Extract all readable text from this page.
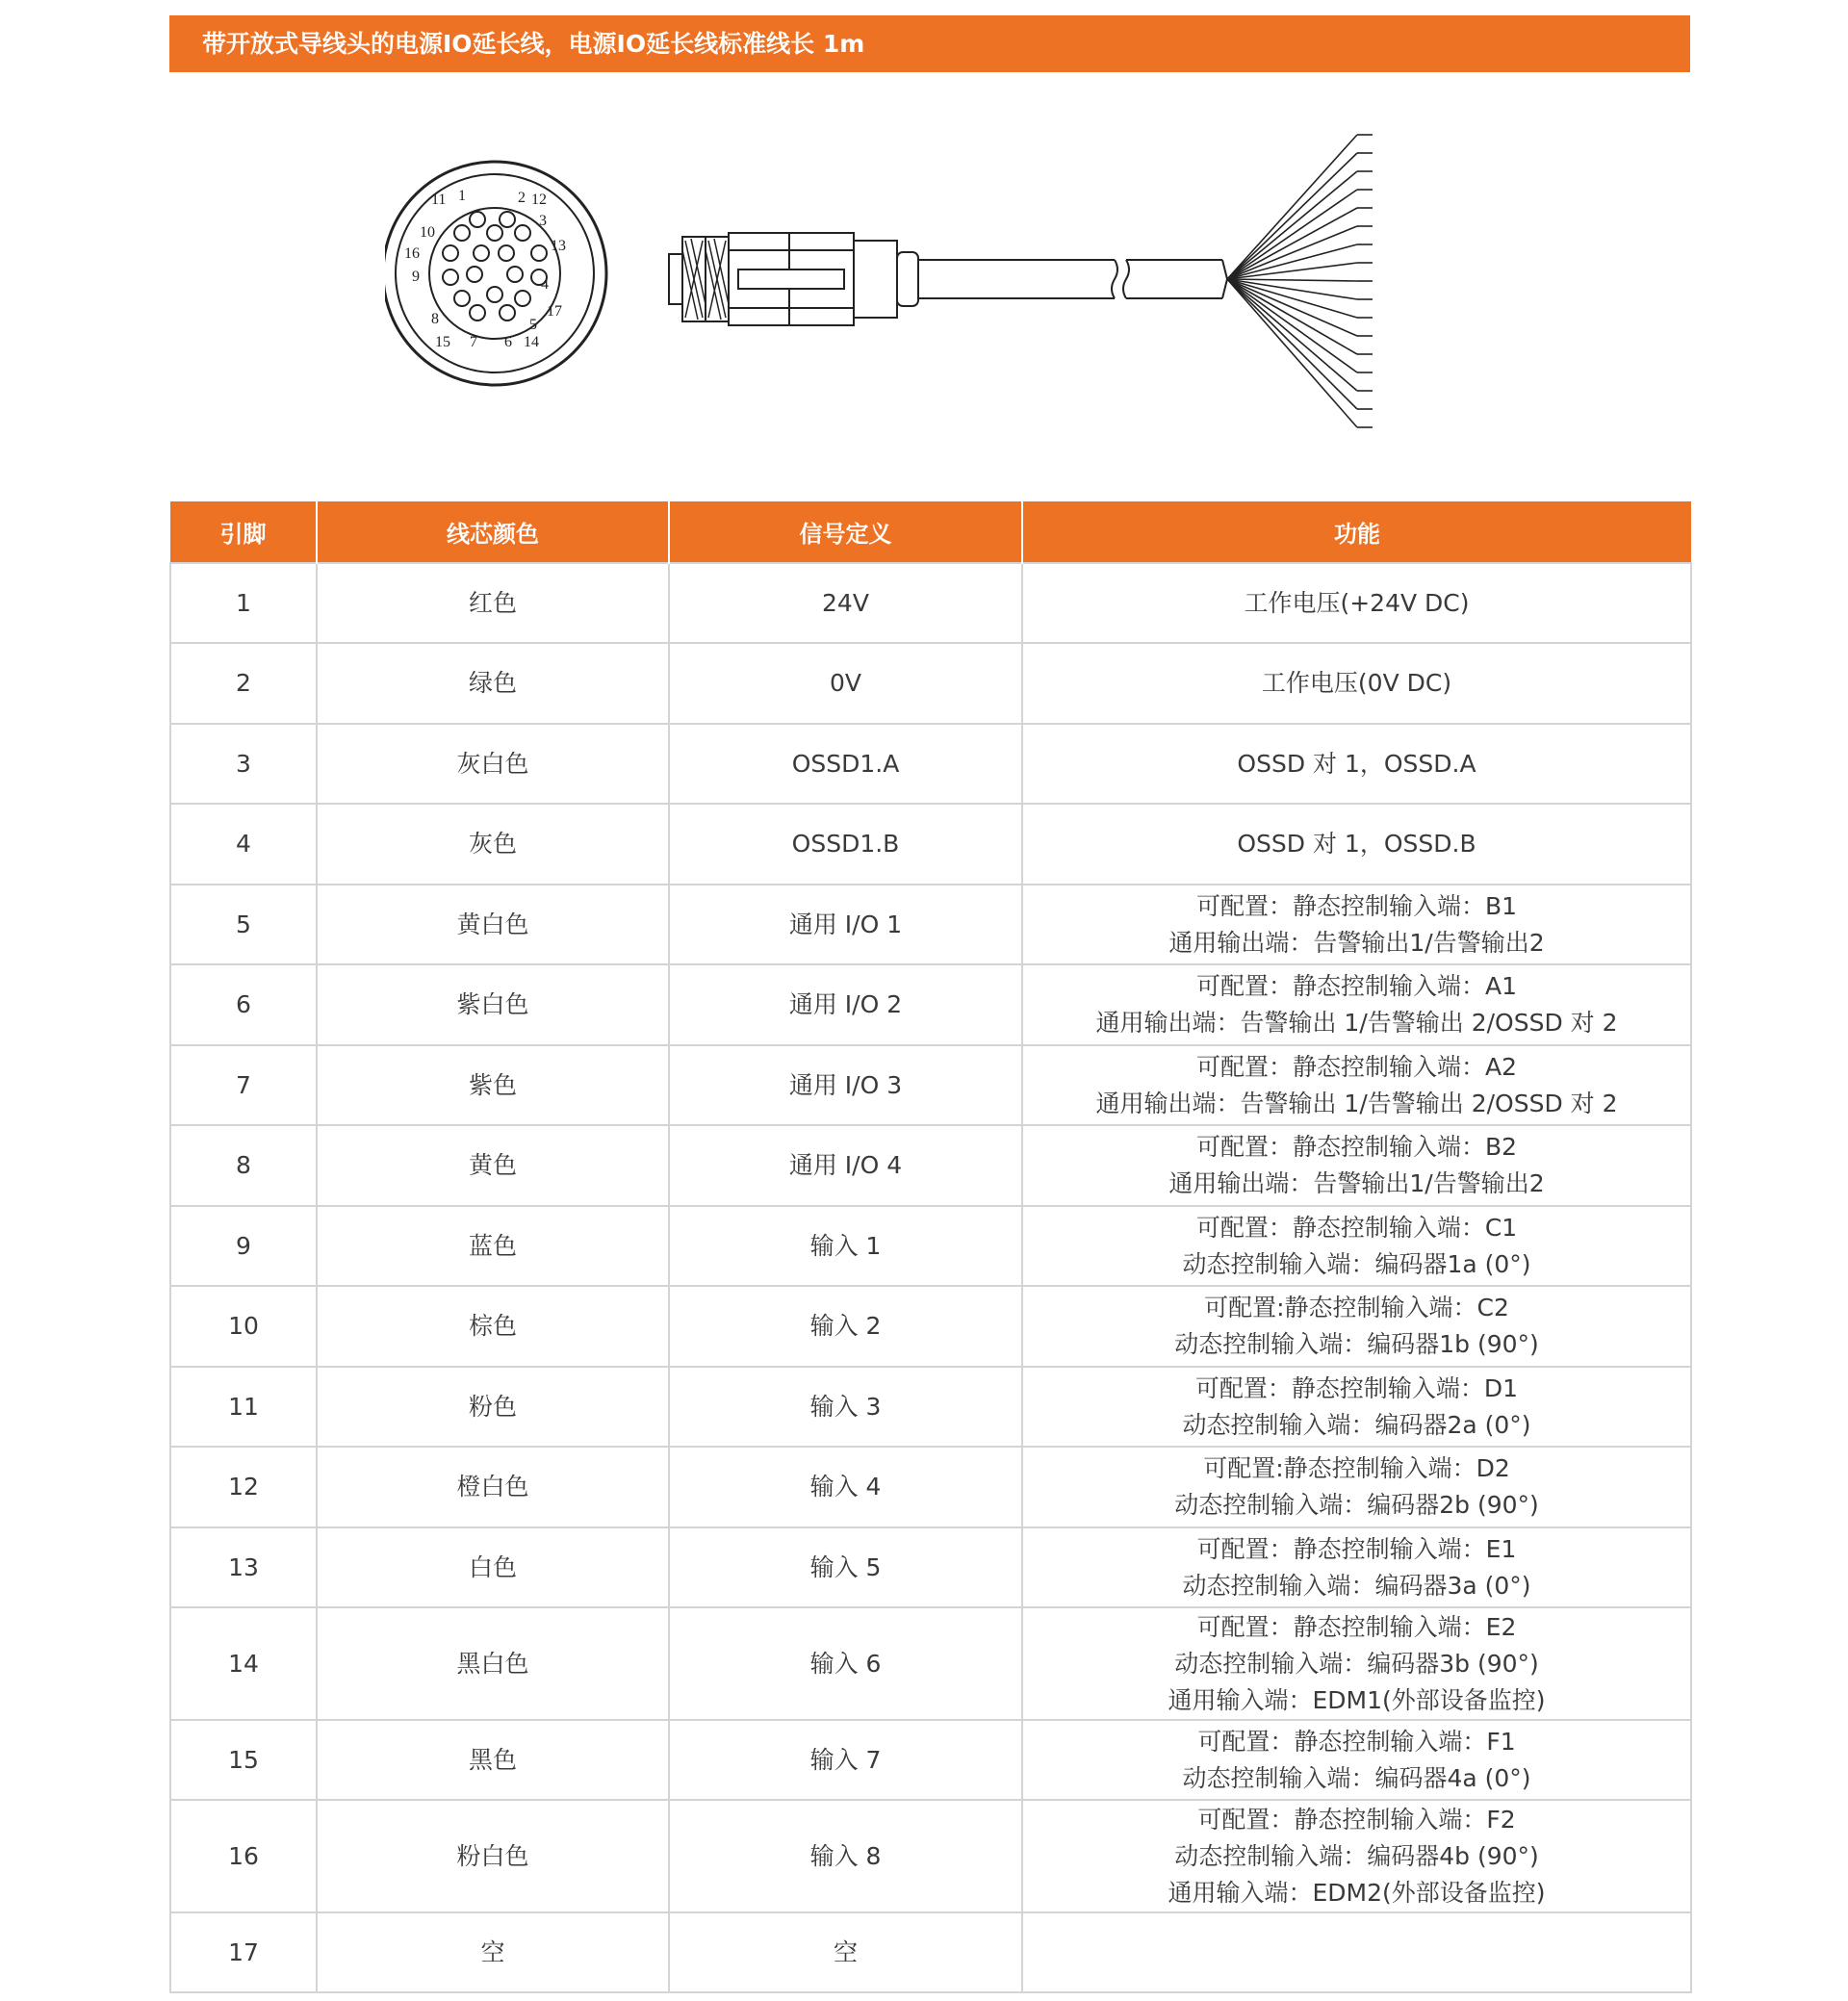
带开放式导线头的电源IO延长线，电源IO延长线标准线长 1m
1	2
3
4
5
6
7
8
9
10
11	12
13
14
15
16
17
引脚	线芯颜色	信号定义	功能
1	红色	24V	工作电压(+24V DC)

2	绿色	0V	工作电压(0V DC)

3	灰白色	OSSD1.A	OSSD 对 1，OSSD.A

4	灰色	OSSD1.B	OSSD 对 1，OSSD.B

5	黄白色	通用 I/O 1	可配置：静态控制输入端：B1
通用输出端：告警输出1/告警输出2

6	紫白色	通用 I/O 2	可配置：静态控制输入端：A1
通用输出端：告警输出 1/告警输出 2/OSSD 对 2

7	紫色	通用 I/O 3	可配置：静态控制输入端：A2
通用输出端：告警输出 1/告警输出 2/OSSD 对 2

8	黄色	通用 I/O 4	可配置：静态控制输入端：B2
通用输出端：告警输出1/告警输出2

9	蓝色	输入 1	可配置：静态控制输入端：C1
动态控制输入端：编码器1a (0°)

10	棕色	输入 2	可配置:静态控制输入端：C2
动态控制输入端：编码器1b (90°)

11	粉色	输入 3	可配置：静态控制输入端：D1
动态控制输入端：编码器2a (0°)

12	橙白色	输入 4	可配置:静态控制输入端：D2
动态控制输入端：编码器2b (90°)

13	白色	输入 5	可配置：静态控制输入端：E1
动态控制输入端：编码器3a (0°)

14	黑白色	输入 6	可配置：静态控制输入端：E2
动态控制输入端：编码器3b (90°)
通用输入端：EDM1(外部设备监控)

15	黑色	输入 7	可配置：静态控制输入端：F1
动态控制输入端：编码器4a (0°)

16	粉白色	输入 8	可配置：静态控制输入端：F2
动态控制输入端：编码器4b (90°)
通用输入端：EDM2(外部设备监控)

17	空	空	
